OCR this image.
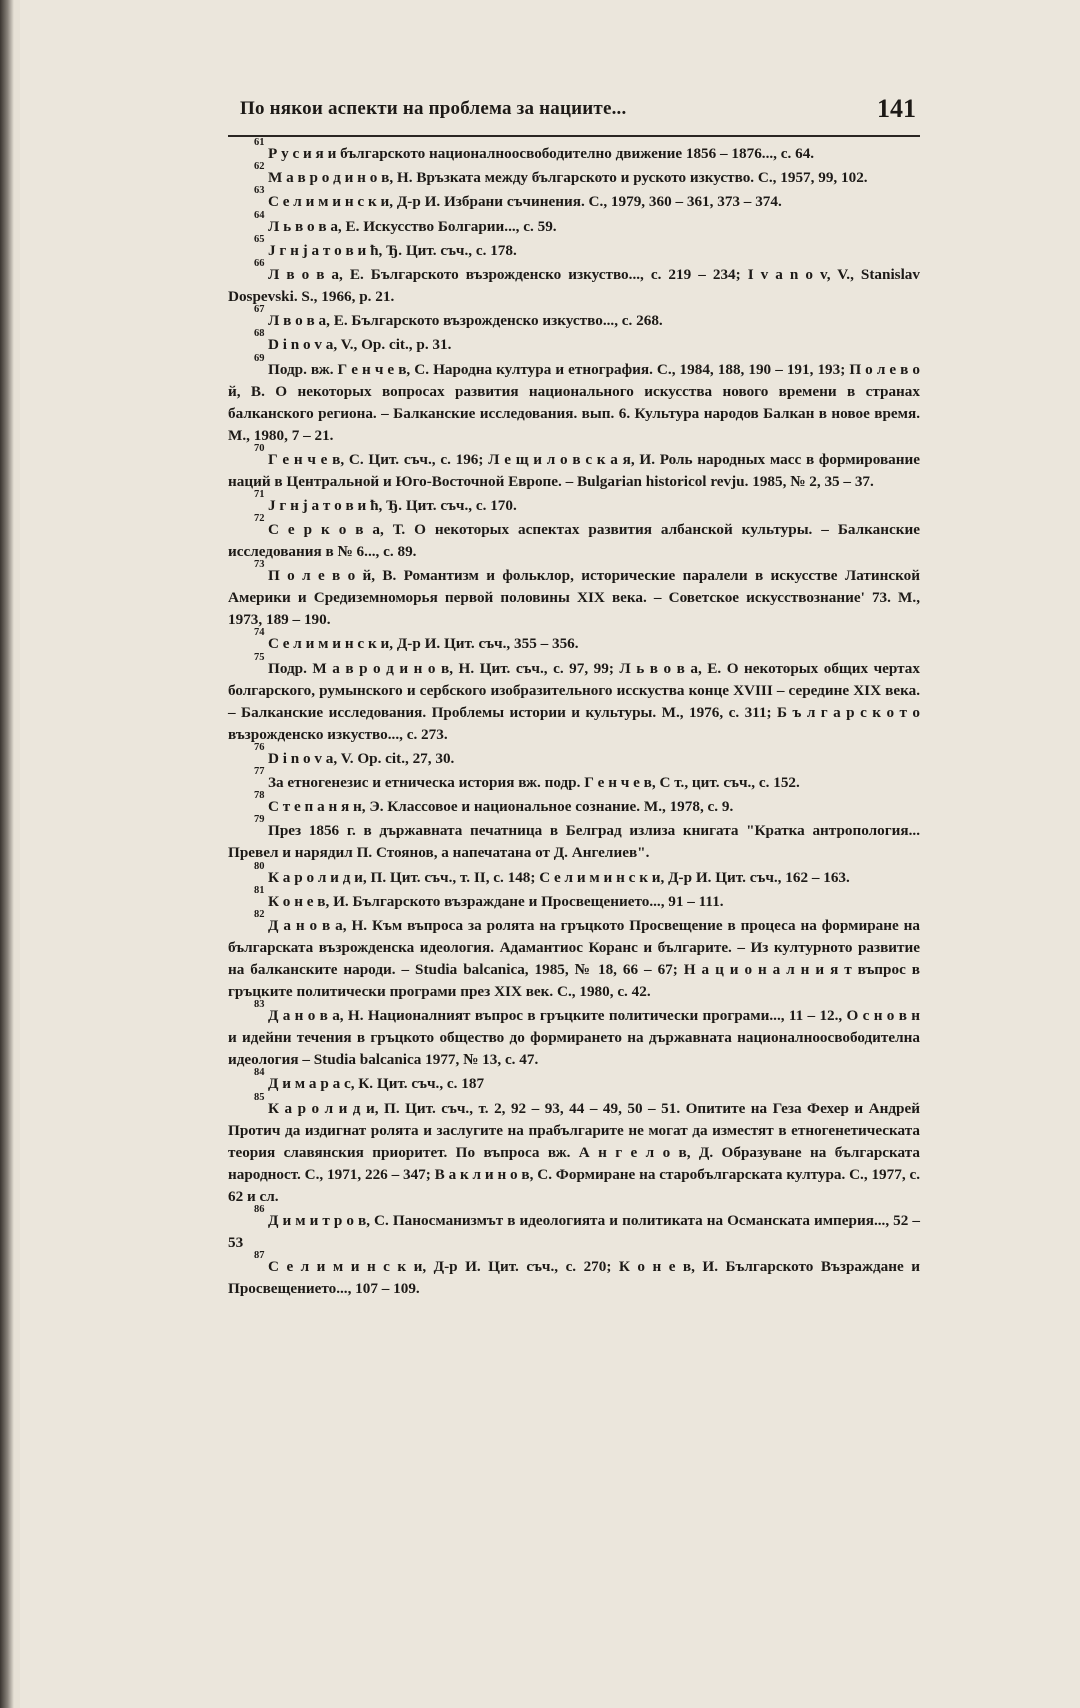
По някои аспекти на проблема за нациите...	141

61
Р у с и я и българското националноосвободително движение 1856 – 1876..., с. 64.

62
М а в р о д и н о в, Н. Връзката между българското и руското изкуство. С., 1957, 99, 102.

63
С е л и м и н с к и, Д-р И. Избрани съчинения. С., 1979, 360 – 361, 373 – 374.

64
Л ь в о в а, Е. Искусство Болгарии..., с. 59.

65
J г н j а т о в и ћ, Ђ. Цит. съч., с. 178.

66
Л в о в а, Е. Българското възрожденско изкуство..., с. 219 – 234; I v a n o v, V., Stanislav Dospevski. S., 1966, p. 21.

67
Л в о в а, Е. Българското възрожденско изкуство..., с. 268.

68
D i n o v a, V., Op. cit., p. 31.

69
Подр. вж. Г е н ч е в, С. Народна култура и етнография. С., 1984, 188, 190 – 191, 193; П о л е в о й, В. О некоторых вопросах развития национального искусства нового времени в странах балканского региона. – Балканские исследования. вып. 6. Культура народов Балкан в новое время. М., 1980, 7 – 21.

70
Г е н ч е в, С. Цит. съч., с. 196; Л е щ и л о в с к а я, И. Роль народных масс в формирование наций в Центральной и Юго-Восточной Европе. – Bulgarian historicol revju. 1985, № 2, 35 – 37.

71
J г н j а т о в и ћ, Ђ. Цит. съч., с. 170.

72
С е р к о в а, Т. О некоторых аспектах развития албанской культуры. – Балканские исследования в № 6..., с. 89.

73
П о л е в о й, В. Романтизм и фольклор, исторические паралели в искусстве Латинской Америки и Средиземноморья первой половины XIX века. – Советское искусствознание' 73. М., 1973, 189 – 190.

74
С е л и м и н с к и, Д-р И. Цит. съч., 355 – 356.

75
Подр. М а в р о д и н о в, Н. Цит. съч., с. 97, 99; Л ь в о в а, Е. О некоторых общих чертах болгарского, румынского и сербского изобразительного исскуства конце XVIII – середине XIX века. – Балканские исследования. Проблемы истории и культуры. М., 1976, с. 311; Б ъ л г а р с к о т о възрожденско изкуство..., с. 273.

76
D i n o v a, V. Op. cit., 27, 30.

77
За етногенезис и етническа история вж. подр. Г е н ч е в, С т., цит. съч., с. 152.

78
С т е п а н я н, Э. Классовое и национальное сознание. М., 1978, с. 9.

79
През 1856 г. в държавната печатница в Белград излиза книгата "Кратка антропология... Превел и нарядил П. Стоянов, а напечатана от Д. Ангелиев".

80
К а р о л и д и, П. Цит. съч., т. II, с. 148; С е л и м и н с к и, Д-р И. Цит. съч., 162 – 163.

81
К о н е в, И. Българското възраждане и Просвещението..., 91 – 111.

82
Д а н о в а, Н. Към въпроса за ролята на гръцкото Просвещение в процеса на формиране на българската възрожденска идеология. Адамантиос Коранс и българите. – Из културното развитие на балканските народи. – Studia balcanica, 1985, № 18, 66 – 67; Н а ц и о н а л н и я т въпрос в гръцките политически програми през XIX век. С., 1980, с. 42.

83
Д а н о в а, Н. Националният въпрос в гръцките политически програми..., 11 – 12., О с н о в н и идейни течения в гръцкото общество до формирането на държавната националноосвободителна идеология – Studia balcanica 1977, № 13, с. 47.

84
Д и м а р а с, К. Цит. съч., с. 187

85
К а р о л и д и, П. Цит. съч., т. 2, 92 – 93, 44 – 49, 50 – 51. Опитите на Геза Фехер и Андрей Протич да издигнат ролята и заслугите на прабългарите не могат да изместят в етногенетическата теория славянския приоритет. По въпроса вж. А н г е л о в, Д. Образуване на българската народност. С., 1971, 226 – 347; В а к л и н о в, С. Формиране на старобългарската култура. С., 1977, с. 62 и сл.

86
Д и м и т р о в, С. Паносманизмът в идеологията и политиката на Османската империя..., 52 – 53

87
С е л и м и н с к и, Д-р И. Цит. съч., с. 270; К о н е в, И. Българското Възраждане и Просвещението..., 107 – 109.
